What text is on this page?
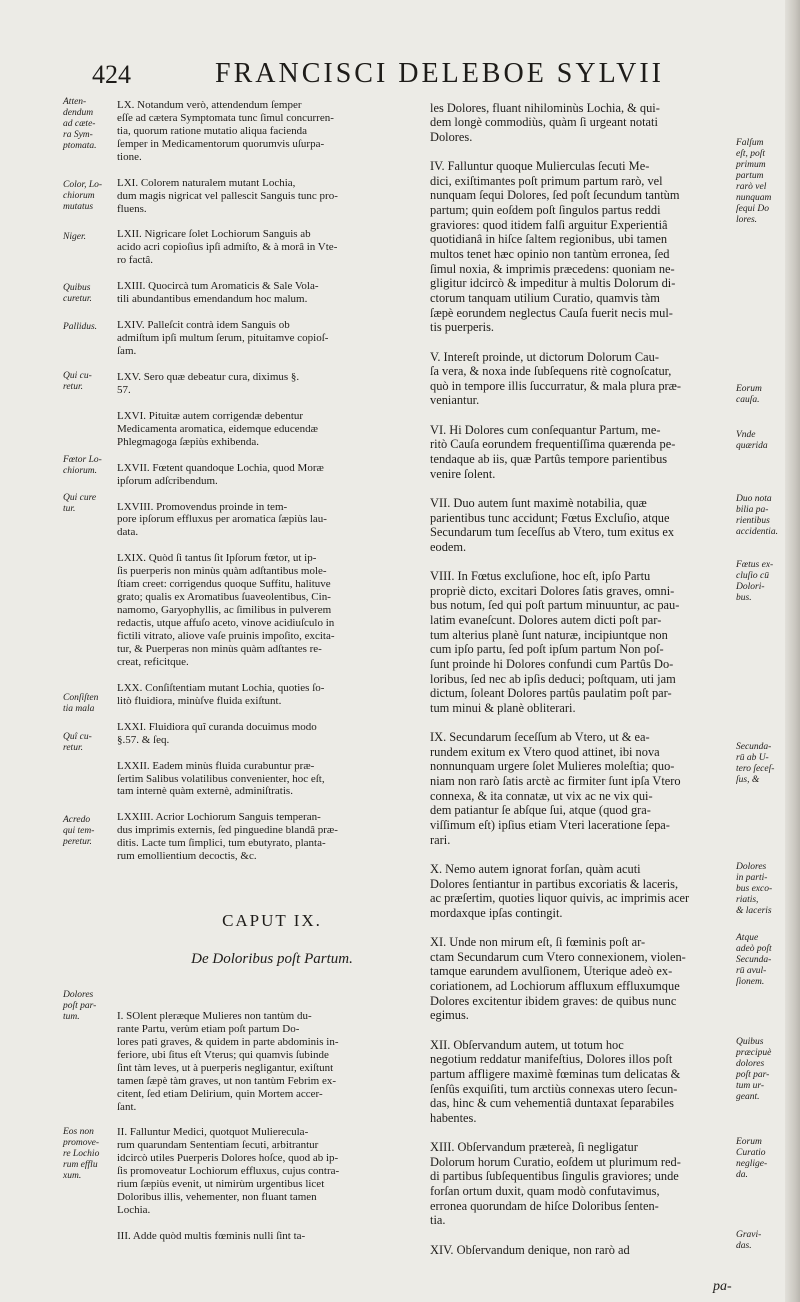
424	FRANCISCI DELEBOE SYLVII

LX. Notandum verò, attendendum ſemper
eſſe ad cætera Symptomata tunc ſimul concurren-
tia, quorum ratione mutatio aliqua facienda
ſemper in Medicamentorum quorumvis uſurpa-
tione.

LXI. Colorem naturalem mutant Lochia,
dum magis nigricat vel pallescit Sanguis tunc pro-
fluens.

LXII. Nigricare ſolet Lochiorum Sanguis ab
acido acri copioſius ipſi admiſto, & à morâ in Vte-
ro factâ.

LXIII. Quocircà tum Aromaticis & Sale Vola-
tili abundantibus emendandum hoc malum.

LXIV. Palleſcit contrà idem Sanguis ob
admiſtum ipſi multum ſerum, pituitamve copioſ-
ſam.

LXV. Sero quæ debeatur cura, diximus §.
57.

LXVI. Pituitæ autem corrigendæ debentur
Medicamenta aromatica, eidemque educendæ
Phlegmagoga ſæpiùs exhibenda.

LXVII. Fœtent quandoque Lochia, quod Moræ
ipſorum adſcribendum.

LXVIII. Promovendus proinde in tem-
pore ipſorum effluxus per aromatica ſæpiùs lau-
data.

LXIX. Quòd ſi tantus ſit Ipſorum fœtor, ut ip-
ſis puerperis non minùs quàm adſtantibus mole-
ſtiam creet: corrigendus quoque Suffitu, halituve
grato; qualis ex Aromatibus ſuaveolentibus, Cin-
namomo, Garyophyllis, ac ſimilibus in pulverem
redactis, utque affuſo aceto, vinove acidiuſculo in
fictili vitrato, aliove vaſe pruinis impoſito, excita-
tur, & Puerperas non minùs quàm adſtantes re-
creat, reficitque.

LXX. Conſiſtentiam mutant Lochia, quoties ſo-
litò fluidiora, minùſve fluida exiſtunt.

LXXI. Fluidiora quî curanda docuimus modo
§.57. & ſeq.

LXXII. Eadem minùs fluida curabuntur præ-
ſertim Salibus volatilibus convenienter, hoc eſt,
tam internè quàm externè, adminiſtratis.

LXXIII. Acrior Lochiorum Sanguis temperan-
dus imprimis externis, ſed pinguedine blandâ præ-
ditis. Lacte tum ſimplici, tum ebutyrato, planta-
rum emollientium decoctis, &c.

CAPUT IX.

De Doloribus poſt Partum.

I. SOlent pleræque Mulieres non tantùm du-
rante Partu, verùm etiam poſt partum Do-
lores pati graves, & quidem in parte abdominis in-
feriore, ubi ſitus eſt Vterus; qui quamvis ſubinde
ſint tàm leves, ut à puerperis negligantur, exiſtunt
tamen ſæpè tàm graves, ut non tantùm Febrim ex-
citent, ſed etiam Delirium, quin Mortem accer-
ſant.

II. Falluntur Medici, quotquot Mulierecula-
rum quarundam Sententiam ſecuti, arbitrantur
idcircò utiles Puerperis Dolores hoſce, quod ab ip-
ſis promoveatur Lochiorum effluxus, cujus contra-
rium ſæpiùs evenit, ut nimirùm urgentibus licet
Doloribus illis, vehementer, non fluant tamen
Lochia.

III. Adde quòd multis fœminis nulli ſint ta-

les Dolores, fluant nihilominùs Lochia, & qui-
dem longè commodiùs, quàm ſi urgeant notati
Dolores.

IV. Falluntur quoque Mulierculas ſecuti Me-
dici, exiſtimantes poſt primum partum rarò, vel
nunquam ſequi Dolores, ſed poſt ſecundum tantùm
partum; quin eoſdem poſt ſingulos partus reddi
graviores: quod itidem falſi arguitur Experientiâ
quotidianâ in hiſce ſaltem regionibus, ubi tamen
multos tenet hæc opinio non tantùm erronea, ſed
ſimul noxia, & imprimis præcedens: quoniam ne-
gligitur idcircò & impeditur à multis Dolorum di-
ctorum tanquam utilium Curatio, quamvis tàm
ſæpè eorundem neglectus Cauſa fuerit necis mul-
tis puerperis.

V. Intereſt proinde, ut dictorum Dolorum Cau-
ſa vera, & noxa inde ſubſequens ritè cognoſcatur,
quò in tempore illis ſuccurratur, & mala plura præ-
veniantur.

VI. Hi Dolores cum conſequantur Partum, me-
ritò Cauſa eorundem frequentiſſima quærenda pe-
tendaque ab iis, quæ Partûs tempore parientibus
venire ſolent.

VII. Duo autem ſunt maximè notabilia, quæ
parientibus tunc accidunt; Fœtus Excluſio, atque
Secundarum tum ſeceſſus ab Vtero, tum exitus ex
eodem.

VIII. In Fœtus excluſione, hoc eſt, ipſo Partu
propriè dicto, excitari Dolores ſatis graves, omni-
bus notum, ſed qui poſt partum minuuntur, ac pau-
latim evaneſcunt. Dolores autem dicti poſt par-
tum alterius planè ſunt naturæ, incipiuntque non
cum ipſo partu, ſed poſt ipſum partum Non poſ-
ſunt proinde hi Dolores confundi cum Partûs Do-
loribus, ſed nec ab ipſis deduci; poſtquam, uti jam
dictum, ſoleant Dolores partûs paulatim poſt par-
tum minui & planè obliterari.

IX. Secundarum ſeceſſum ab Vtero, ut & ea-
rundem exitum ex Vtero quod attinet, ibi nova
nonnunquam urgere ſolet Mulieres moleſtia; quo-
niam non rarò ſatis arctè ac firmiter ſunt ipſa Vtero
connexa, & ita connatæ, ut vix ac ne vix qui-
dem patiantur ſe abſque ſui, atque (quod gra-
viſſimum eſt) ipſius etiam Vteri laceratione ſepa-
rari.

X. Nemo autem ignorat forſan, quàm acuti
Dolores ſentiantur in partibus excoriatis & laceris,
ac præſertim, quoties liquor quivis, ac imprimis acer
mordaxque ipſas contingit.

XI. Unde non mirum eſt, ſi fœminis poſt ar-
ctam Secundarum cum Vtero connexionem, violen-
tamque earundem avulſionem, Uterique adeò ex-
coriationem, ad Lochiorum affluxum effluxumque
Dolores excitentur ibidem graves: de quibus nunc
egimus.

XII. Obſervandum autem, ut totum hoc
negotium reddatur manifeſtius, Dolores illos poſt
partum affligere maximè fœminas tum delicatas &
ſenſûs exquiſiti, tum arctiùs connexas utero ſecun-
das, hinc & cum vehementiâ duntaxat ſeparabiles
habentes.

XIII. Obſervandum prætereà, ſi negligatur
Dolorum horum Curatio, eoſdem ut plurimum red-
di partibus ſubſequentibus ſingulis graviores; unde
forſan ortum duxit, quam modò confutavimus,
erronea quorundam de hiſce Doloribus ſenten-
tia.

XIV. Obſervandum denique, non rarò ad

Atten-
dendum
ad cæte-
ra Sym-
ptomata.
Color, Lo-
chiorum
mutatus
Niger.
Quibus
curetur.
Pallidus.
Qui cu-
retur.
Fœtor Lo-
chiorum.
Qui cure
tur.
Conſiſten
tia mala
Quî cu-
retur.
Acredo
qui tem-
peretur.
Dolores
poſt par-
tum.
Eos non
promove-
re Lochio
rum efflu
xum.
Falſum
eſt, poſt
primum
partum
rarò vel
nunquam
ſequi Do
lores.
Eorum
cauſa.
Vnde
quærida
Duo nota
bilia pa-
rientibus
accidentia.
Fœtus ex-
cluſio cū
Dolori-
bus.
Secunda-
rū ab U-
tero ſeceſ-
ſus, &
Dolores
in parti-
bus exco-
riatis,
& laceris
Atque
adeò poſt
Secunda-
rū avul-
ſionem.
Quibus
præcipuè
dolores
poſt par-
tum ur-
geant.
Eorum
Curatio
neglige-
da.
Gravi-
das.
pa-
